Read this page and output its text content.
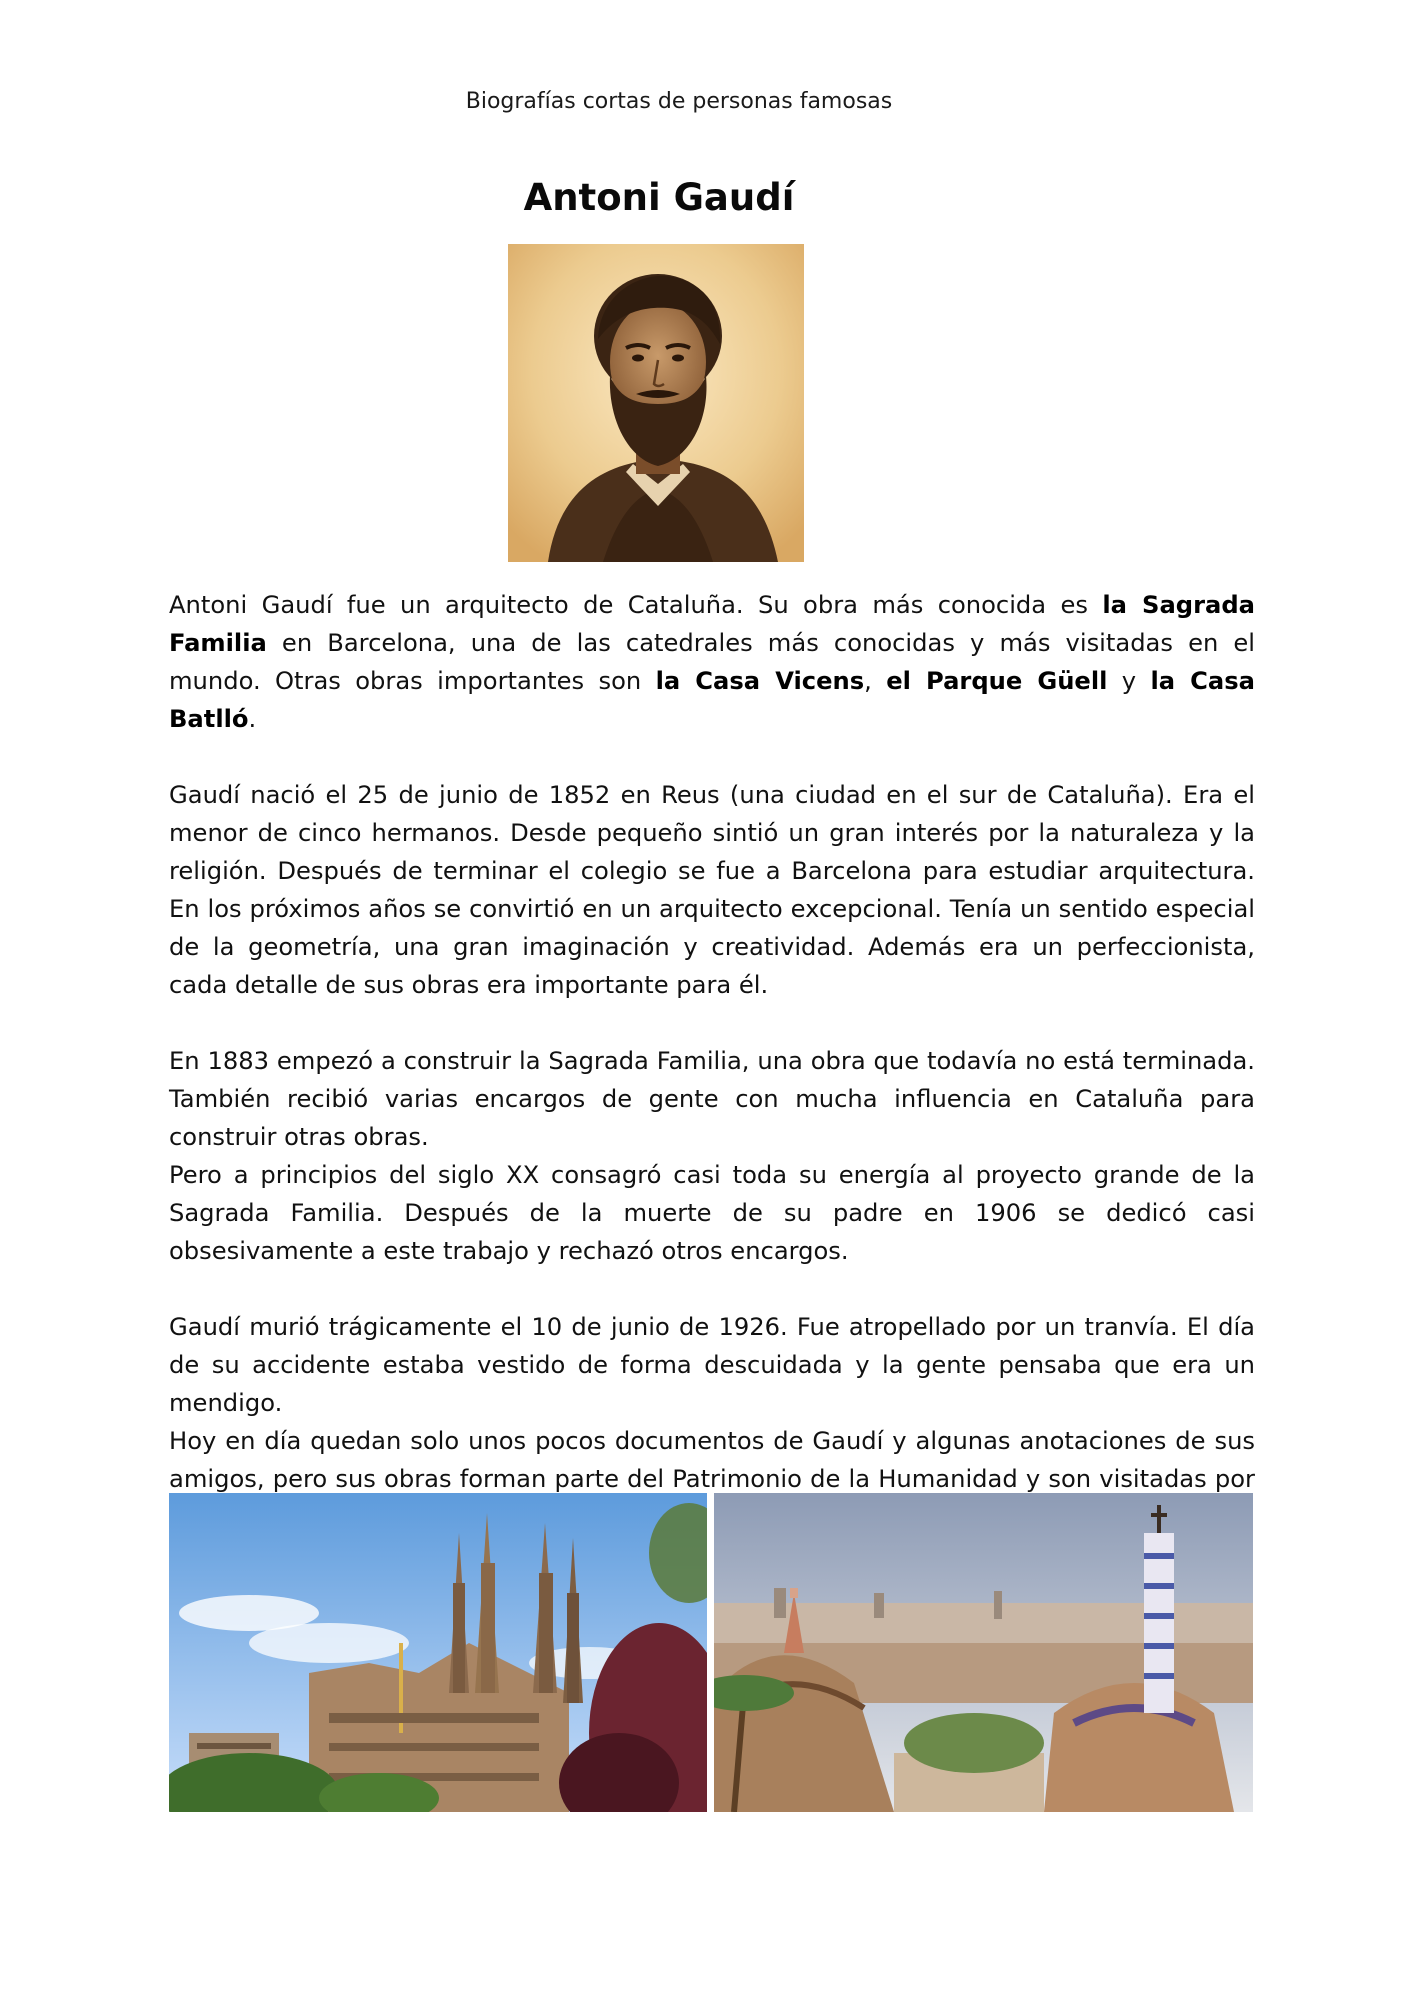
Biografías cortas de personas famosas
Antoni Gaudí

Antoni Gaudí fue un arquitecto de Cataluña. Su obra más conocida es la Sagrada Familia en Barcelona, una de las catedrales más conocidas y más visitadas en el mundo. Otras obras importantes son la Casa Vicens, el Parque Güell y la Casa Batlló.

Gaudí nació el 25 de junio de 1852 en Reus (una ciudad en el sur de Cataluña). Era el menor de cinco hermanos. Desde pequeño sintió un gran interés por la naturaleza y la religión. Después de terminar el colegio se fue a Barcelona para estudiar arquitectura. En los próximos años se convirtió en un arquitecto excepcional. Tenía un sentido especial de la geometría, una gran imaginación y creatividad. Además era un perfeccionista, cada detalle de sus obras era importante para él.

En 1883 empezó a construir la Sagrada Familia, una obra que todavía no está terminada. También recibió varias encargos de gente con mucha influencia en Cataluña para construir otras obras.

Pero a principios del siglo XX consagró casi toda su energía al proyecto grande de la Sagrada Familia. Después de la muerte de su padre en 1906 se dedicó casi obsesivamente a este trabajo y rechazó otros encargos.

Gaudí murió trágicamente el 10 de junio de 1926. Fue atropellado por un tranvía. El día de su accidente estaba vestido de forma descuidada y la gente pensaba que era un mendigo.

Hoy en día quedan solo unos pocos documentos de Gaudí y algunas anotaciones de sus amigos, pero sus obras forman parte del Patrimonio de la Humanidad y son visitadas por
